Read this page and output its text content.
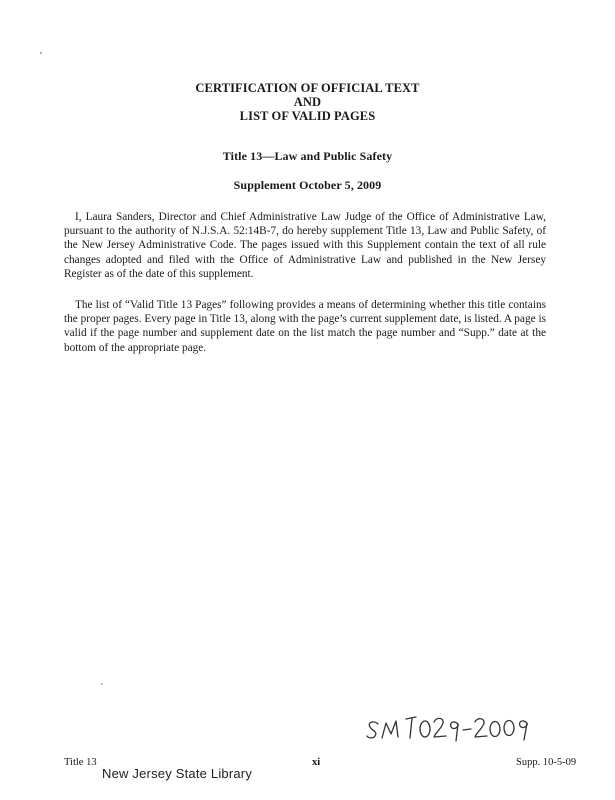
CERTIFICATION OF OFFICIAL TEXT
AND
LIST OF VALID PAGES
Title 13—Law and Public Safety
Supplement October 5, 2009

I, Laura Sanders, Director and Chief Administrative Law Judge of the Office of Administrative Law, pursuant to the authority of N.J.S.A. 52:14B-7, do hereby supplement Title 13, Law and Public Safety, of the New Jersey Administrative Code. The pages issued with this Supplement contain the text of all rule changes adopted and filed with the Office of Administrative Law and published in the New Jersey Register as of the date of this supplement.

The list of “Valid Title 13 Pages” following provides a means of determining whether this title contains the proper pages. Every page in Title 13, along with the page’s current supplement date, is listed. A page is valid if the page number and supplement date on the list match the page number and “Supp.” date at the bottom of the appropriate page.

SM 1029-2009
Title 13	xi	Supp. 10-5-09
New Jersey State Library
